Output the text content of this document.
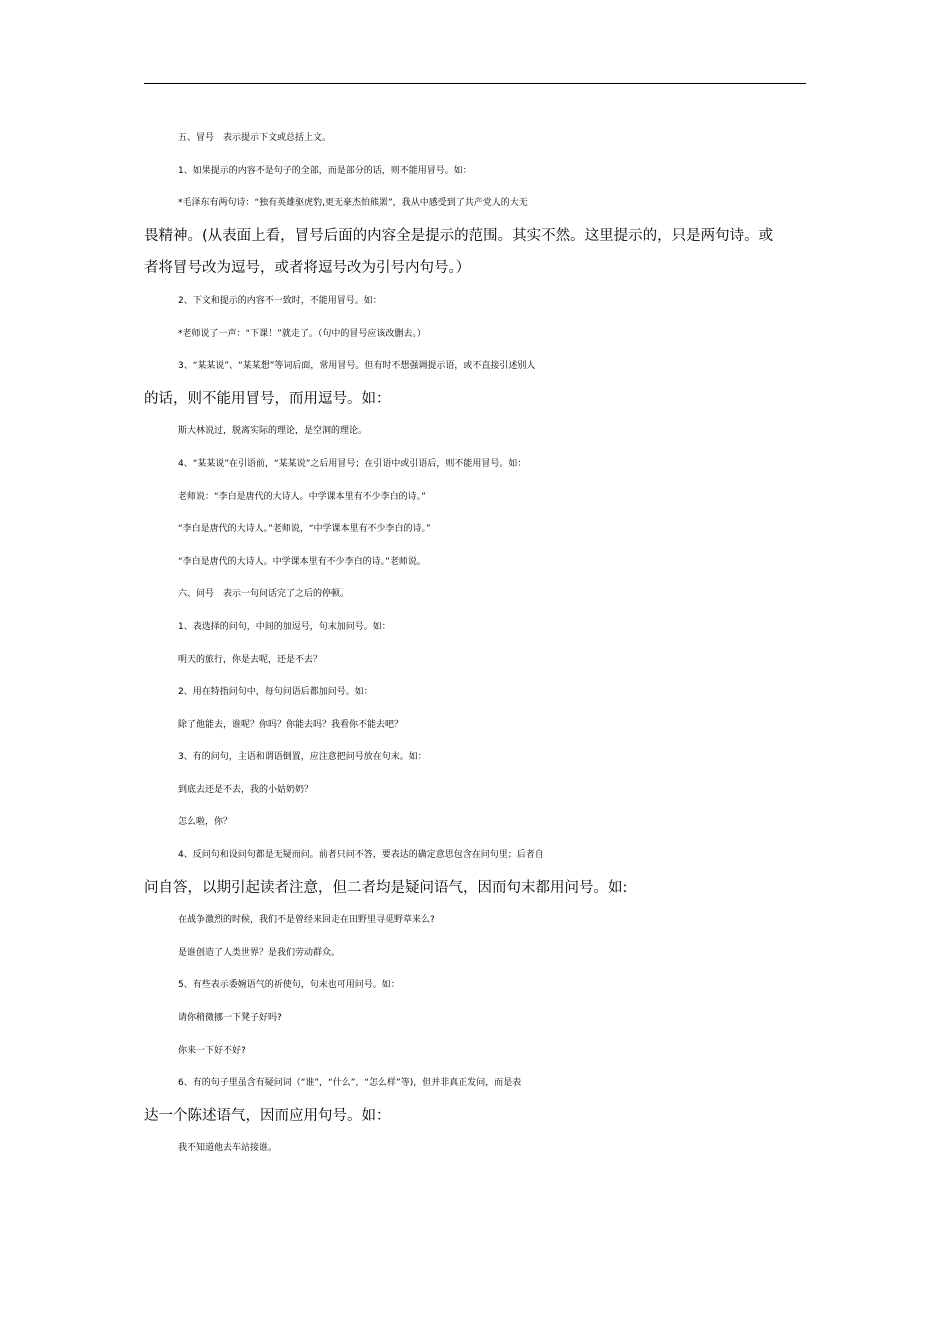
五、冒号　表示提示下文或总括上文。

1、如果提示的内容不是句子的全部，而是部分的话，则不能用冒号。如：

*毛泽东有两句诗：“独有英雄驱虎豹,更无豪杰怕熊罴”，我从中感受到了共产党人的大无

畏精神。(从表面上看，冒号后面的内容全是提示的范围。其实不然。这里提示的，只是两句诗。或

者将冒号改为逗号，或者将逗号改为引号内句号。）

2、下文和提示的内容不一致时，不能用冒号。如：

*老师说了一声：“下课！”就走了。（句中的冒号应该改删去。）

3、“某某说”、“某某想”等词后面，常用冒号。但有时不想强调提示语，或不直接引述别人

的话，则不能用冒号，而用逗号。如：

斯大林说过，脱离实际的理论，是空洞的理论。

4、“某某说”在引语前，“某某说”之后用冒号；在引语中或引语后，则不能用冒号。如：

老师说：“李白是唐代的大诗人。中学课本里有不少李白的诗。”

“李白是唐代的大诗人。”老师说，“中学课本里有不少李白的诗。”

“李白是唐代的大诗人。中学课本里有不少李白的诗。”老师说。

六、问号　表示一句问话完了之后的停顿。

1、表选择的问句，中间的加逗号，句末加问号。如：

明天的旅行，你是去呢，还是不去？

2、用在特指问句中，每句问语后都加问号。如：

除了他能去，谁呢？你吗？你能去吗？我看你不能去吧？

3、有的问句，主语和谓语倒置，应注意把问号放在句末。如：

到底去还是不去，我的小姑奶奶？

怎么啦，你？

4、反问句和设问句都是无疑而问。前者只问不答，要表达的确定意思包含在问句里；后者自

问自答，以期引起读者注意，但二者均是疑问语气，因而句末都用问号。如:

在战争激烈的时候，我们不是曾经来回走在田野里寻觅野草来么?

是谁创造了人类世界？是我们劳动群众。

5、有些表示委婉语气的祈使句，句末也可用问号。如：

请你稍微挪一下凳子好吗?

你来一下好不好?

6、有的句子里虽含有疑问词（“谁”，“什么”，“怎么样”等)，但并非真正发问，而是表

达一个陈述语气，因而应用句号。如：

我不知道他去车站接谁。
